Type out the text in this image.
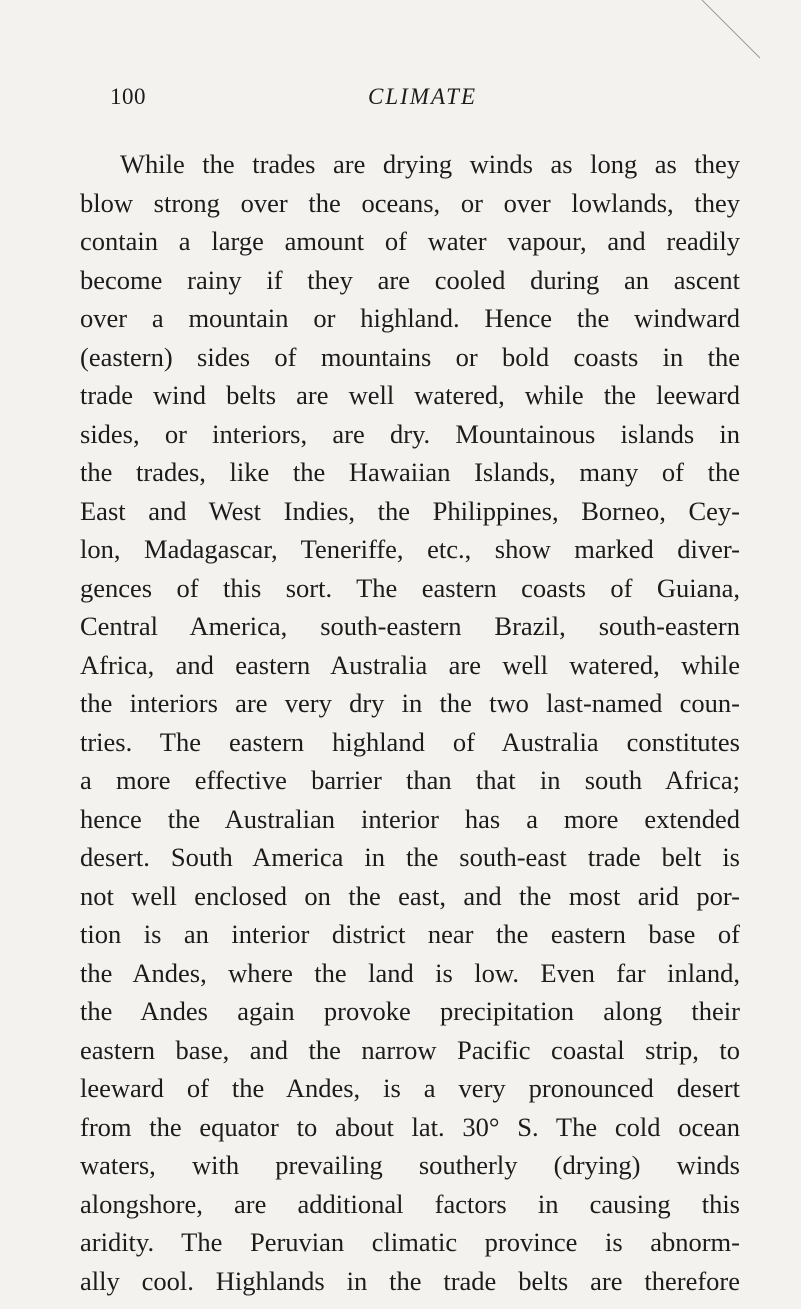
100	CLIMATE
While the trades are drying winds as long as they
blow strong over the oceans, or over lowlands, they
contain a large amount of water vapour, and readily
become rainy if they are cooled during an ascent
over a mountain or highland. Hence the windward
(eastern) sides of mountains or bold coasts in the
trade wind belts are well watered, while the leeward
sides, or interiors, are dry. Mountainous islands in
the trades, like the Hawaiian Islands, many of the
East and West Indies, the Philippines, Borneo, Cey-
lon, Madagascar, Teneriffe, etc., show marked diver-
gences of this sort. The eastern coasts of Guiana,
Central America, south-eastern Brazil, south-eastern
Africa, and eastern Australia are well watered, while
the interiors are very dry in the two last-named coun-
tries. The eastern highland of Australia constitutes
a more effective barrier than that in south Africa;
hence the Australian interior has a more extended
desert. South America in the south-east trade belt is
not well enclosed on the east, and the most arid por-
tion is an interior district near the eastern base of
the Andes, where the land is low. Even far inland,
the Andes again provoke precipitation along their
eastern base, and the narrow Pacific coastal strip, to
leeward of the Andes, is a very pronounced desert
from the equator to about lat. 30° S. The cold ocean
waters, with prevailing southerly (drying) winds
alongshore, are additional factors in causing this
aridity. The Peruvian climatic province is abnorm-
ally cool. Highlands in the trade belts are therefore
